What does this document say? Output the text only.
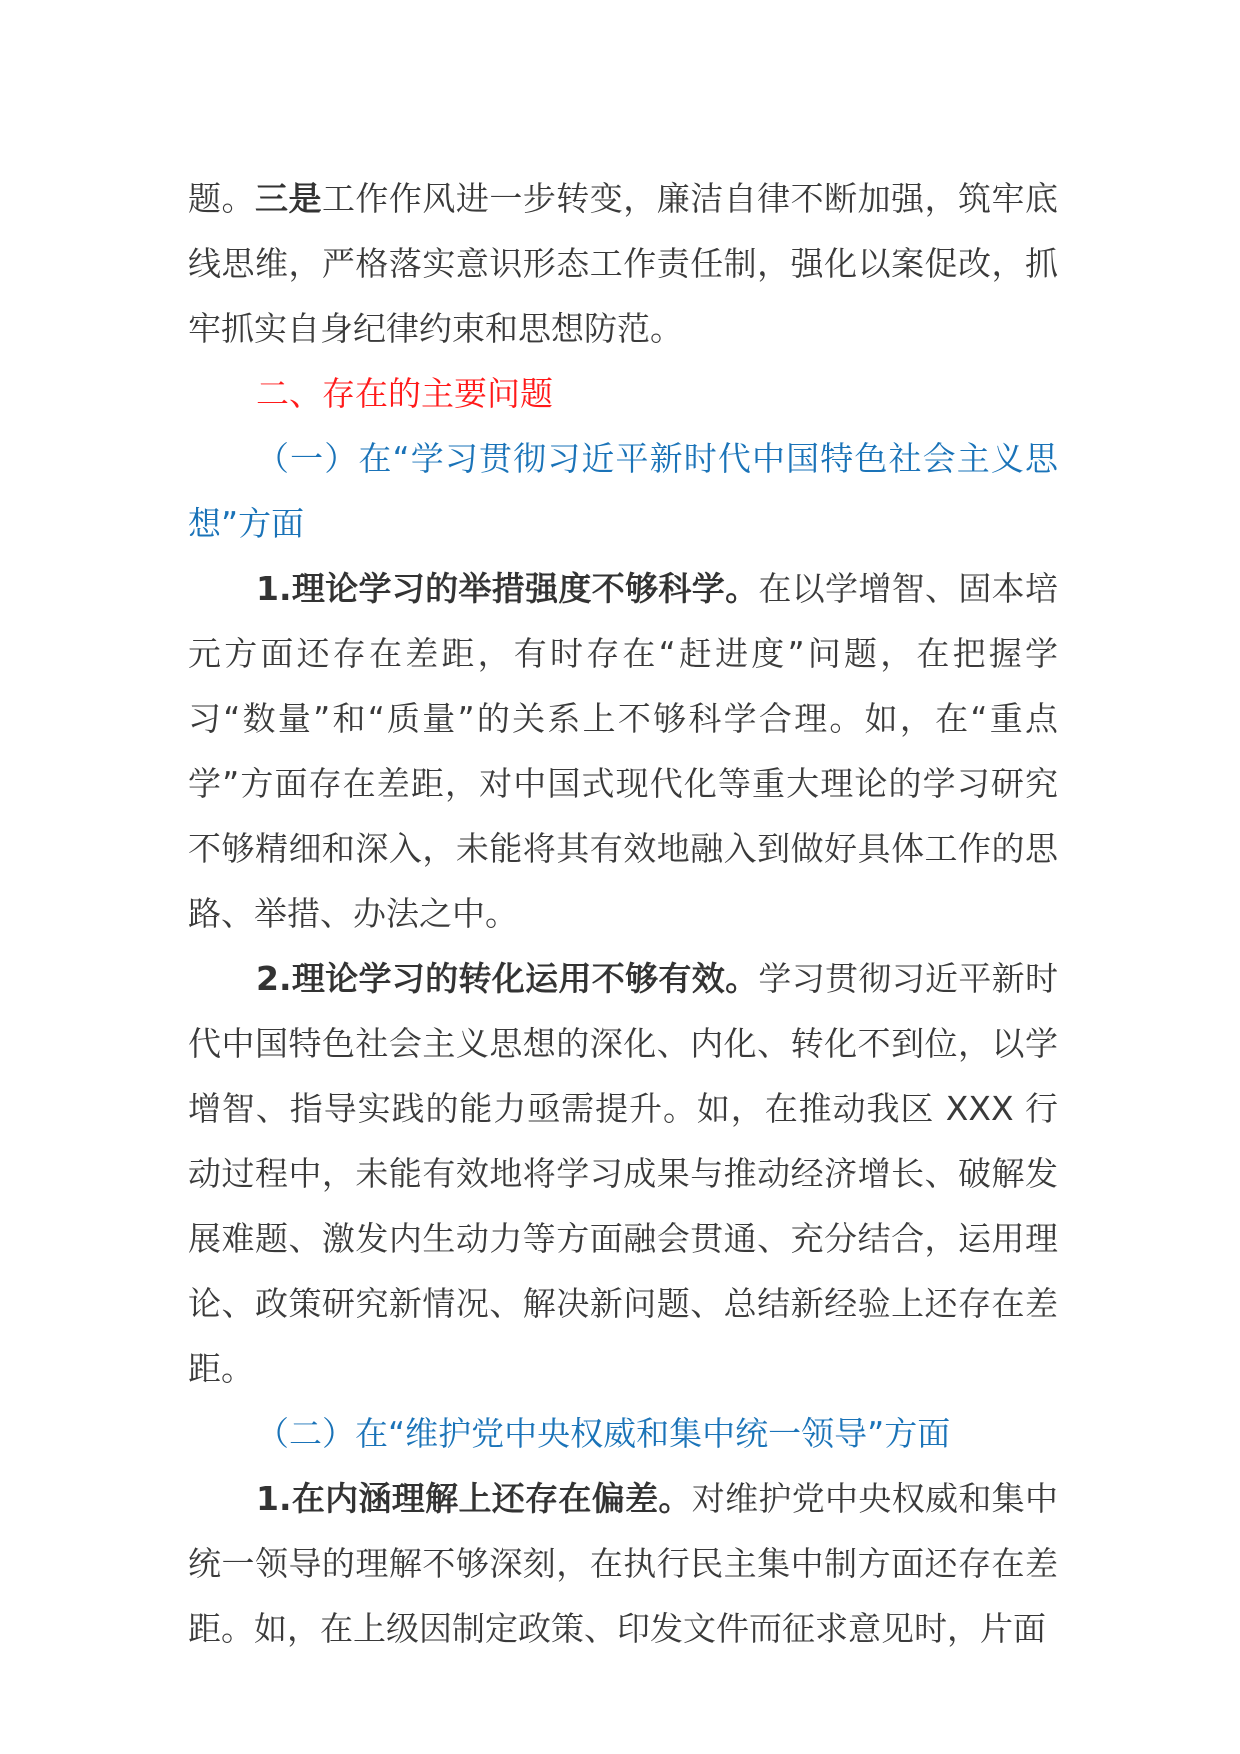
题。三是工作作风进一步转变，廉洁自律不断加强，筑牢底线思维，严格落实意识形态工作责任制，强化以案促改，抓牢抓实自身纪律约束和思想防范。

二、存在的主要问题

（一）在“学习贯彻习近平新时代中国特色社会主义思想”方面

1.理论学习的举措强度不够科学。在以学增智、固本培元方面还存在差距，有时存在“赶进度”问题，在把握学习“数量”和“质量”的关系上不够科学合理。如，在“重点学”方面存在差距，对中国式现代化等重大理论的学习研究不够精细和深入，未能将其有效地融入到做好具体工作的思路、举措、办法之中。

2.理论学习的转化运用不够有效。学习贯彻习近平新时代中国特色社会主义思想的深化、内化、转化不到位，以学增智、指导实践的能力亟需提升。如，在推动我区 XXX 行动过程中，未能有效地将学习成果与推动经济增长、破解发展难题、激发内生动力等方面融会贯通、充分结合，运用理论、政策研究新情况、解决新问题、总结新经验上还存在差距。

（二）在“维护党中央权威和集中统一领导”方面

1.在内涵理解上还存在偏差。对维护党中央权威和集中统一领导的理解不够深刻，在执行民主集中制方面还存在差距。如，在上级因制定政策、印发文件而征求意见时，片面
